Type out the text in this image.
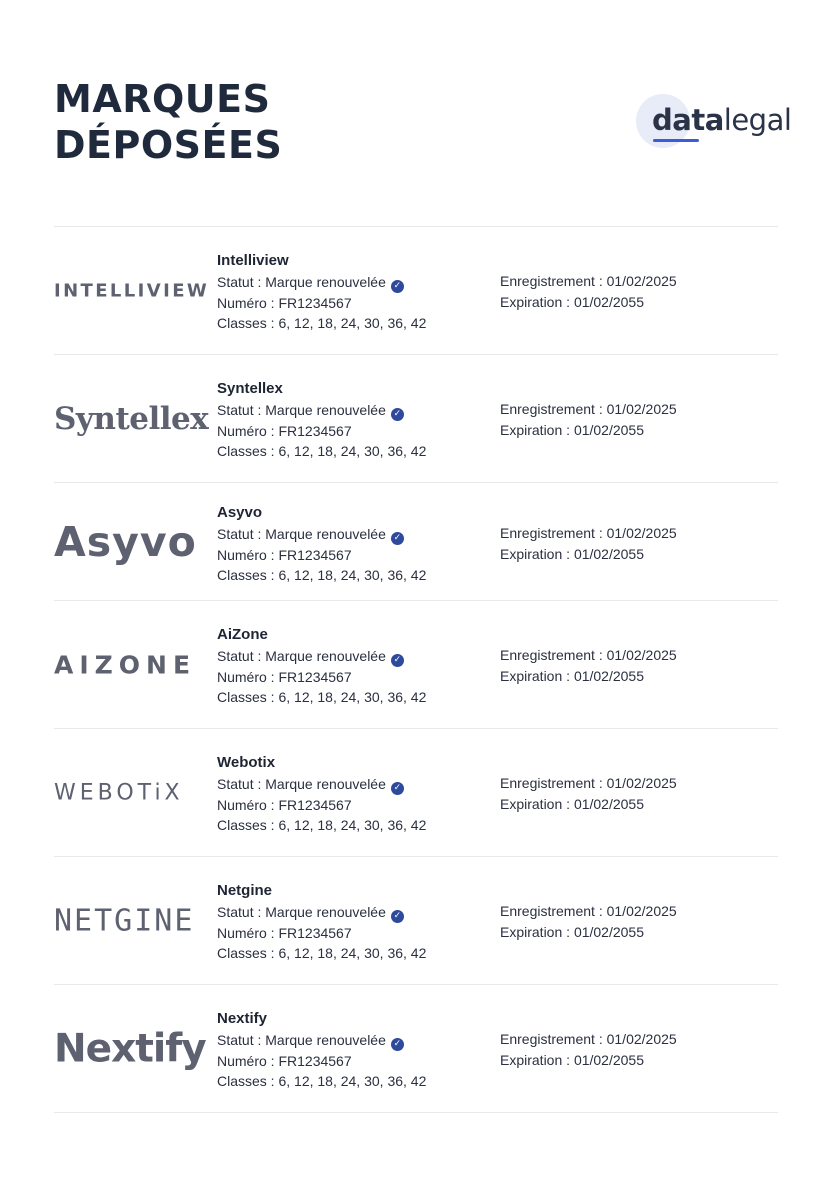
MARQUES
DÉPOSÉES
datalegal
INTELLIVIEW
Intelliview
Statut : Marque renouvelée ✓
Numéro : FR1234567
Classes : 6, 12, 18, 24, 30, 36, 42
Enregistrement : 01/02/2025
Expiration : 01/02/2055
Syntellex
Syntellex
Statut : Marque renouvelée ✓
Numéro : FR1234567
Classes : 6, 12, 18, 24, 30, 36, 42
Enregistrement : 01/02/2025
Expiration : 01/02/2055
Asyvo
Asyvo
Statut : Marque renouvelée ✓
Numéro : FR1234567
Classes : 6, 12, 18, 24, 30, 36, 42
Enregistrement : 01/02/2025
Expiration : 01/02/2055
AIZONE
AiZone
Statut : Marque renouvelée ✓
Numéro : FR1234567
Classes : 6, 12, 18, 24, 30, 36, 42
Enregistrement : 01/02/2025
Expiration : 01/02/2055
WEBOTiX
Webotix
Statut : Marque renouvelée ✓
Numéro : FR1234567
Classes : 6, 12, 18, 24, 30, 36, 42
Enregistrement : 01/02/2025
Expiration : 01/02/2055
NETGINE
Netgine
Statut : Marque renouvelée ✓
Numéro : FR1234567
Classes : 6, 12, 18, 24, 30, 36, 42
Enregistrement : 01/02/2025
Expiration : 01/02/2055
Nextify
Nextify
Statut : Marque renouvelée ✓
Numéro : FR1234567
Classes : 6, 12, 18, 24, 30, 36, 42
Enregistrement : 01/02/2025
Expiration : 01/02/2055
